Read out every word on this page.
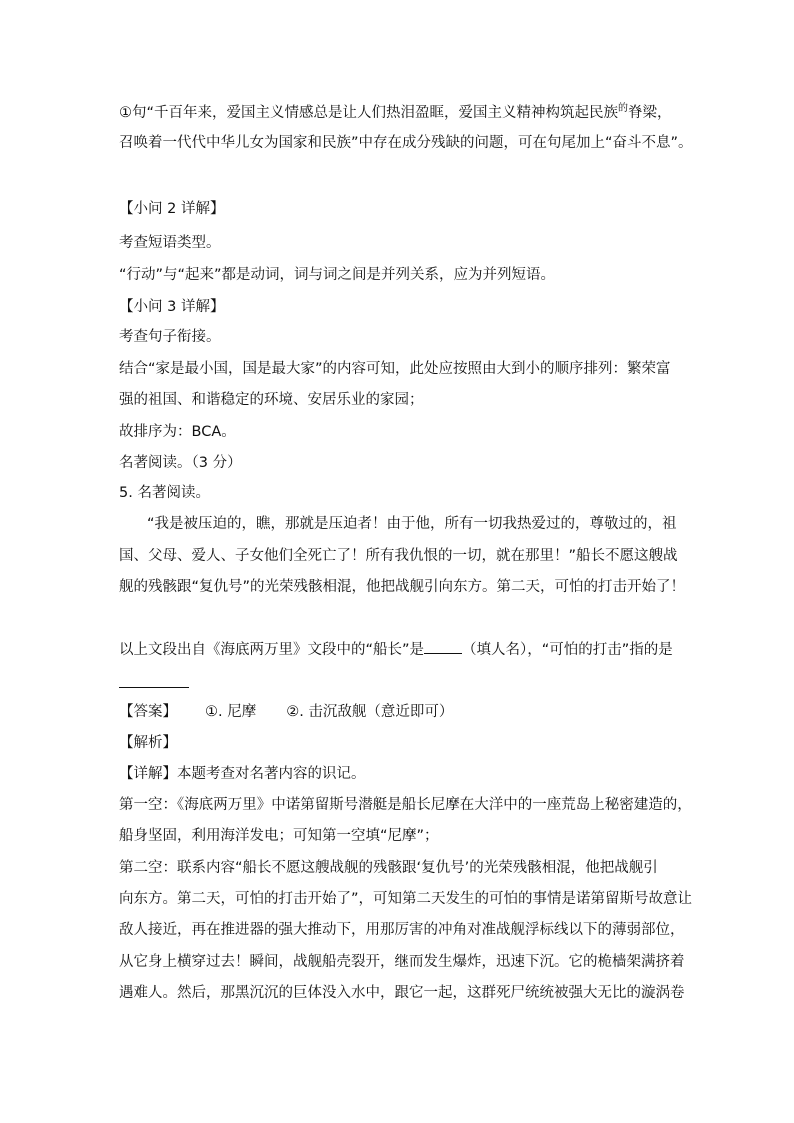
①句“千百年来，爱国主义情感总是让人们热泪盈眶，爱国主义精神构筑起民族$^的$脊梁，
召唤着一代代中华儿女为国家和民族”中存在成分残缺的问题，可在句尾加上“奋斗不息”。
【小问 2 详解】
考查短语类型。
“行动”与“起来”都是动词，词与词之间是并列关系，应为并列短语。
【小问 3 详解】
考查句子衔接。
结合“家是最小国，国是最大家”的内容可知，此处应按照由大到小的顺序排列：繁荣富
强的祖国、和谐稳定的环境、安居乐业的家园；
故排序为：BCA。
名著阅读。（3 分）
5. 名著阅读。
“我是被压迫的，瞧，那就是压迫者！由于他，所有一切我热爱过的，尊敬过的，祖
国、父母、爱人、子女他们全死亡了！所有我仇恨的一切，就在那里！”船长不愿这艘战
舰的残骸跟“复仇号”的光荣残骸相混，他把战舰引向东方。第二天，可怕的打击开始了！
以上文段出自《海底两万里》文段中的“船长”是	（填人名），“可怕的打击”指的是
【答案】 ①. 尼摩 ②. 击沉敌舰（意近即可）
【解析】
【详解】本题考查对名著内容的识记。
第一空：《海底两万里》中诺第留斯号潜艇是船长尼摩在大洋中的一座荒岛上秘密建造的，
船身坚固，利用海洋发电；可知第一空填“尼摩”；
第二空：联系内容“船长不愿这艘战舰的残骸跟‘复仇号’的光荣残骸相混，他把战舰引
向东方。第二天，可怕的打击开始了”，可知第二天发生的可怕的事情是诺第留斯号故意让
敌人接近，再在推进器的强大推动下，用那厉害的冲角对准战舰浮标线以下的薄弱部位，
从它身上横穿过去！瞬间，战舰船壳裂开，继而发生爆炸，迅速下沉。它的桅樯架满挤着
遇难人。然后，那黑沉沉的巨体没入水中，跟它一起，这群死尸统统被强大无比的漩涡卷
